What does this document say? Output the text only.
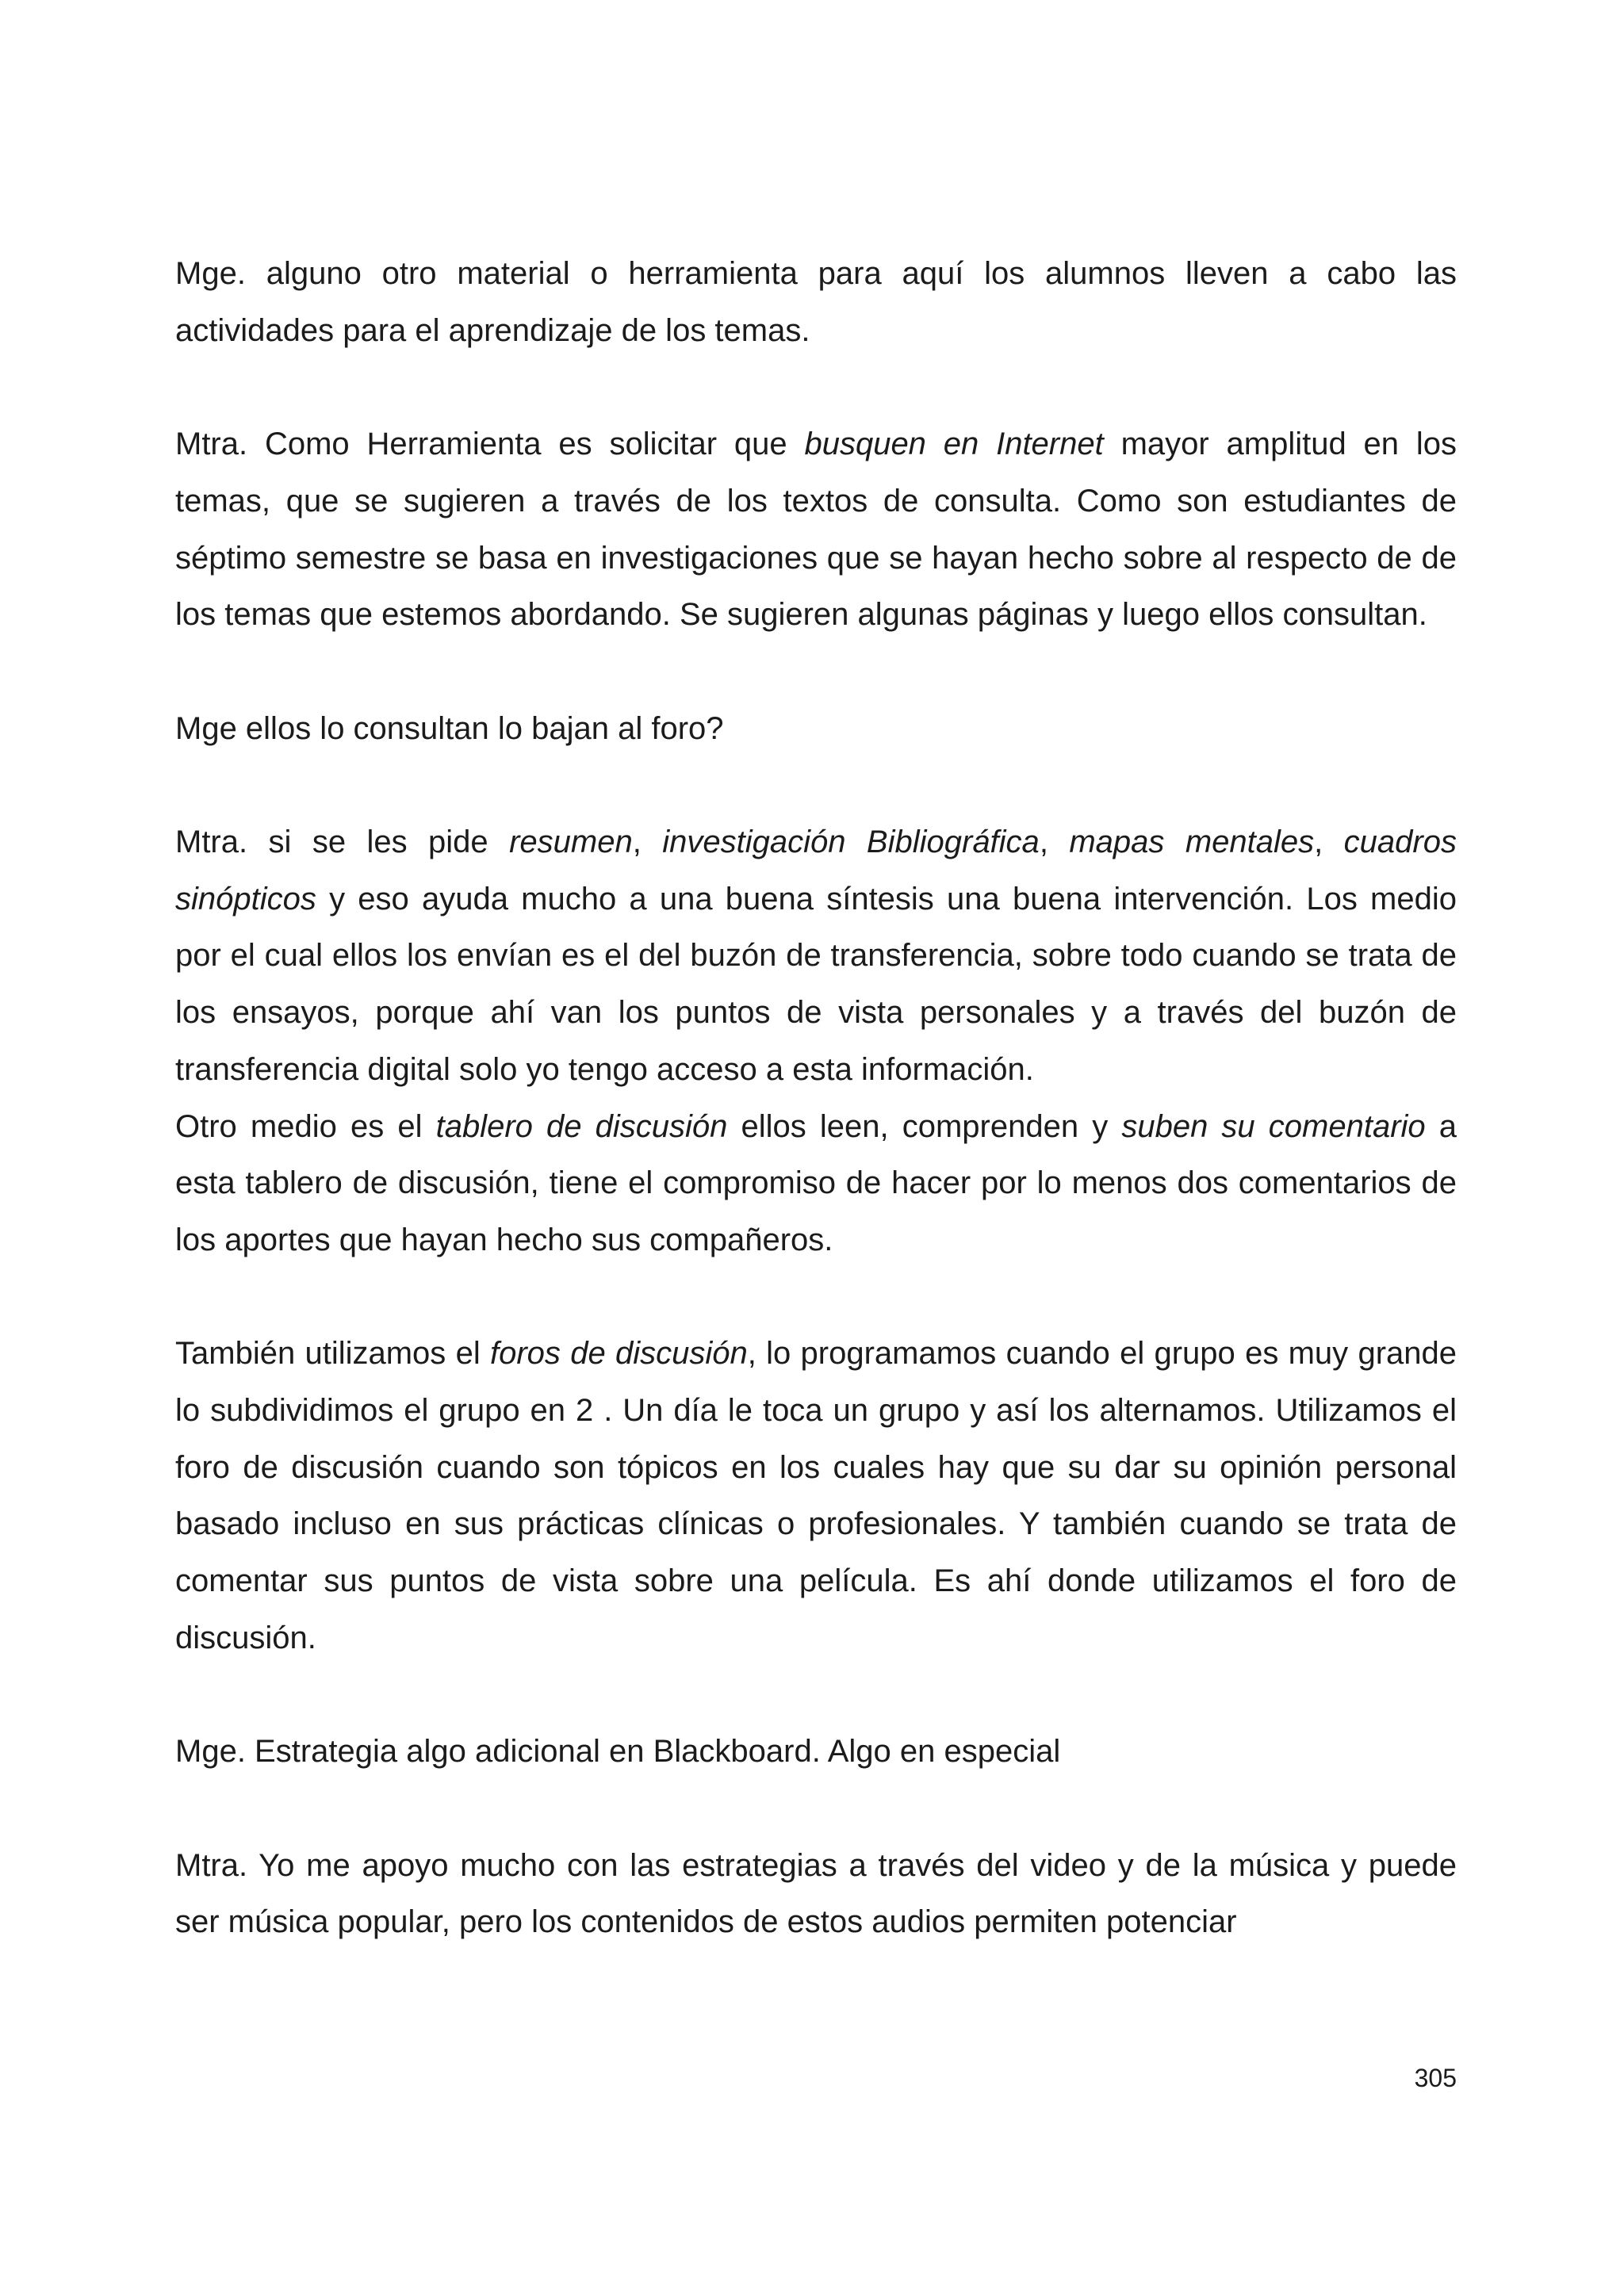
Mge. alguno otro material o herramienta para aquí los alumnos lleven a cabo las actividades para el aprendizaje de los temas.

Mtra. Como Herramienta es solicitar que busquen en Internet mayor amplitud en los temas, que se sugieren a través de los textos de consulta. Como son estudiantes de séptimo semestre se basa en investigaciones que se hayan hecho sobre al respecto de de los temas que estemos abordando. Se sugieren algunas páginas y luego ellos consultan.

Mge ellos lo consultan lo bajan al foro?

Mtra. si se les pide resumen, investigación Bibliográfica, mapas mentales, cuadros sinópticos y eso ayuda mucho a una buena síntesis una buena intervención. Los medio por el cual ellos los envían es el del buzón de transferencia, sobre todo cuando se trata de los ensayos, porque ahí van los puntos de vista personales y a través del buzón de transferencia digital solo yo tengo acceso a esta información.

Otro medio es el tablero de discusión ellos leen, comprenden y suben su comentario a esta tablero de discusión, tiene el compromiso de hacer por lo menos dos comentarios de los aportes que hayan hecho sus compañeros.

También utilizamos el foros de discusión, lo programamos cuando el grupo es muy grande lo subdividimos el grupo en 2 . Un día le toca un grupo y así los alternamos. Utilizamos el foro de discusión cuando son tópicos en los cuales hay que su dar su opinión personal basado incluso en sus prácticas clínicas o profesionales. Y también cuando se trata de comentar sus puntos de vista sobre una película. Es ahí donde utilizamos el foro de discusión.

Mge. Estrategia algo adicional en Blackboard. Algo en especial

Mtra. Yo me apoyo mucho con las estrategias a través del video y de la música y puede ser música popular, pero los contenidos de estos audios permiten potenciar

305
